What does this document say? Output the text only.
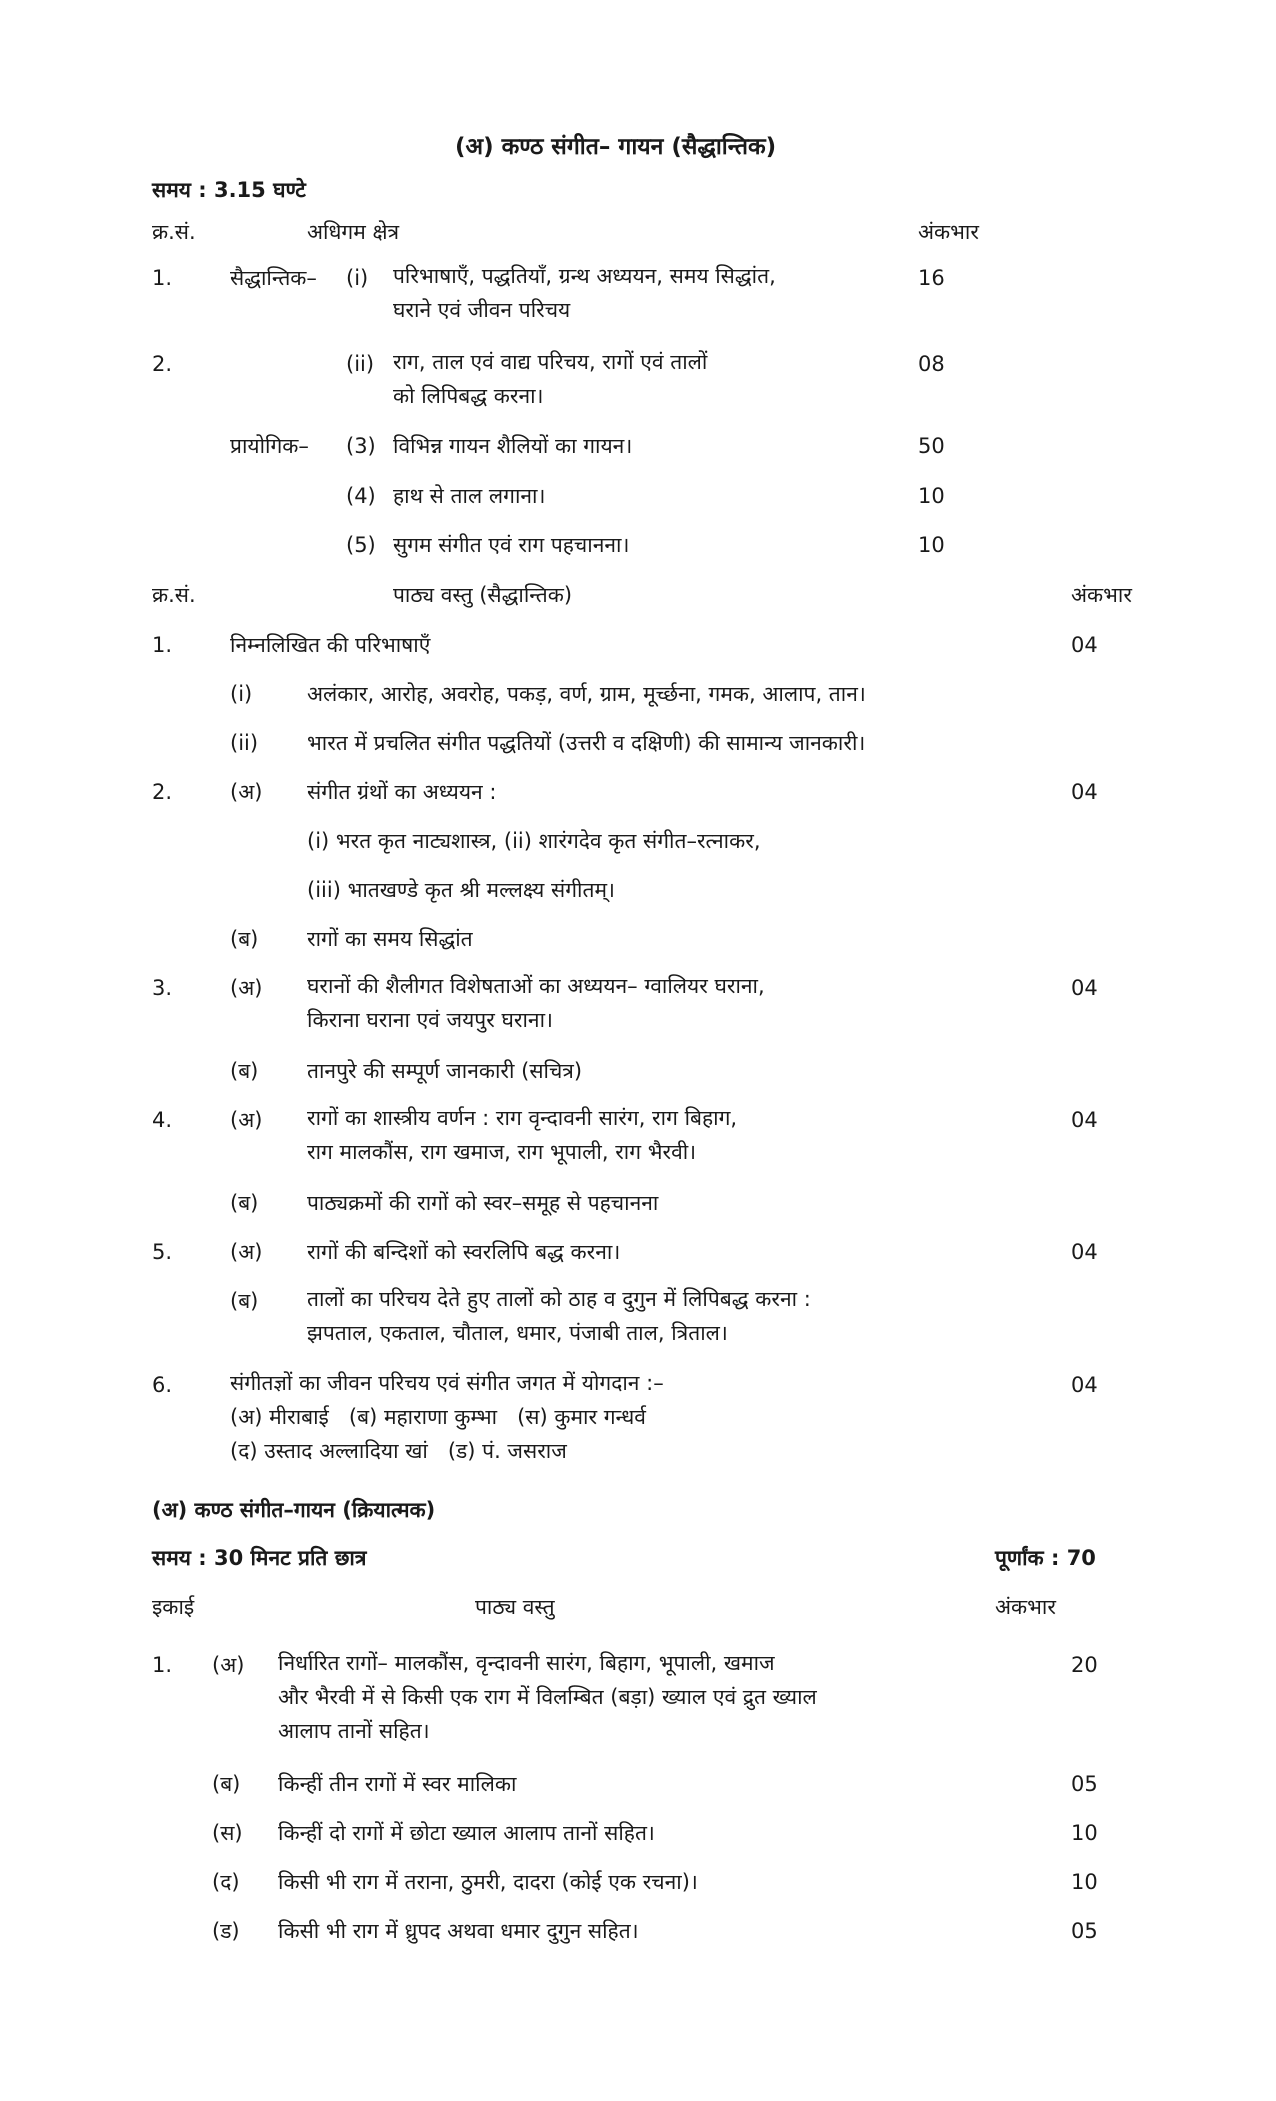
(अ) कण्ठ संगीत– गायन (सैद्धान्तिक)
समय : 3.15 घण्टे
क्र.सं.	अधिगम क्षेत्र	अंकभार
1.	सैद्धान्तिक– (i) परिभाषाएँ, पद्धतियाँ, ग्रन्थ अध्ययन, समय सिद्धांत,
घराने एवं जीवन परिचय
16
2.	(ii) राग, ताल एवं वाद्य परिचय, रागों एवं तालों
को लिपिबद्ध करना।
08
प्रायोगिक– (3) विभिन्न गायन शैलियों का गायन।	50
(4) हाथ से ताल लगाना।	10
(5) सुगम संगीत एवं राग पहचानना।	10
क्र.सं.	पाठ्य वस्तु (सैद्धान्तिक)	अंकभार
1.	निम्नलिखित की परिभाषाएँ	04
(i)	अलंकार, आरोह, अवरोह, पकड़, वर्ण, ग्राम, मूर्च्छना, गमक, आलाप, तान।
(ii) भारत में प्रचलित संगीत पद्धतियों (उत्तरी व दक्षिणी) की सामान्य जानकारी।
2.	(अ) संगीत ग्रंथों का अध्ययन :	04
(i) भरत कृत नाट्यशास्त्र, (ii) शारंगदेव कृत संगीत–रत्नाकर,
(iii) भातखण्डे कृत श्री मल्लक्ष्य संगीतम्।
(ब) रागों का समय सिद्धांत
3.	(अ) घरानों की शैलीगत विशेषताओं का अध्ययन– ग्वालियर घराना,
किराना घराना एवं जयपुर घराना।
04
(ब) तानपुरे की सम्पूर्ण जानकारी (सचित्र)
4.	(अ) रागों का शास्त्रीय वर्णन : राग वृन्दावनी सारंग, राग बिहाग,
राग मालकौंस, राग खमाज, राग भूपाली, राग भैरवी।
04
(ब) पाठ्यक्रमों की रागों को स्वर–समूह से पहचानना
5.	(अ) रागों की बन्दिशों को स्वरलिपि बद्ध करना।	04
(ब) तालों का परिचय देते हुए तालों को ठाह व दुगुन में लिपिबद्ध करना :
झपताल, एकताल, चौताल, धमार, पंजाबी ताल, त्रिताल।
6.	संगीतज्ञों का जीवन परिचय एवं संगीत जगत में योगदान :–
(अ) मीराबाई   (ब) महाराणा कुम्भा   (स) कुमार गन्धर्व
(द) उस्ताद अल्लादिया खां   (ड) पं. जसराज
04
(अ) कण्ठ संगीत–गायन (क्रियात्मक)
समय : 30 मिनट प्रति छात्र	पूर्णांक : 70
इकाई	पाठ्य वस्तु	अंकभार
1. (अ) निर्धारित रागों– मालकौंस, वृन्दावनी सारंग, बिहाग, भूपाली, खमाज
और भैरवी में से किसी एक राग में विलम्बित (बड़ा) ख्याल एवं द्रुत ख्याल
आलाप तानों सहित।
20
(ब) किन्हीं तीन रागों में स्वर मालिका	05
(स) किन्हीं दो रागों में छोटा ख्याल आलाप तानों सहित।	10
(द) किसी भी राग में तराना, ठुमरी, दादरा (कोई एक रचना)।	10
(ड) किसी भी राग में ध्रुपद अथवा धमार दुगुन सहित।	05
